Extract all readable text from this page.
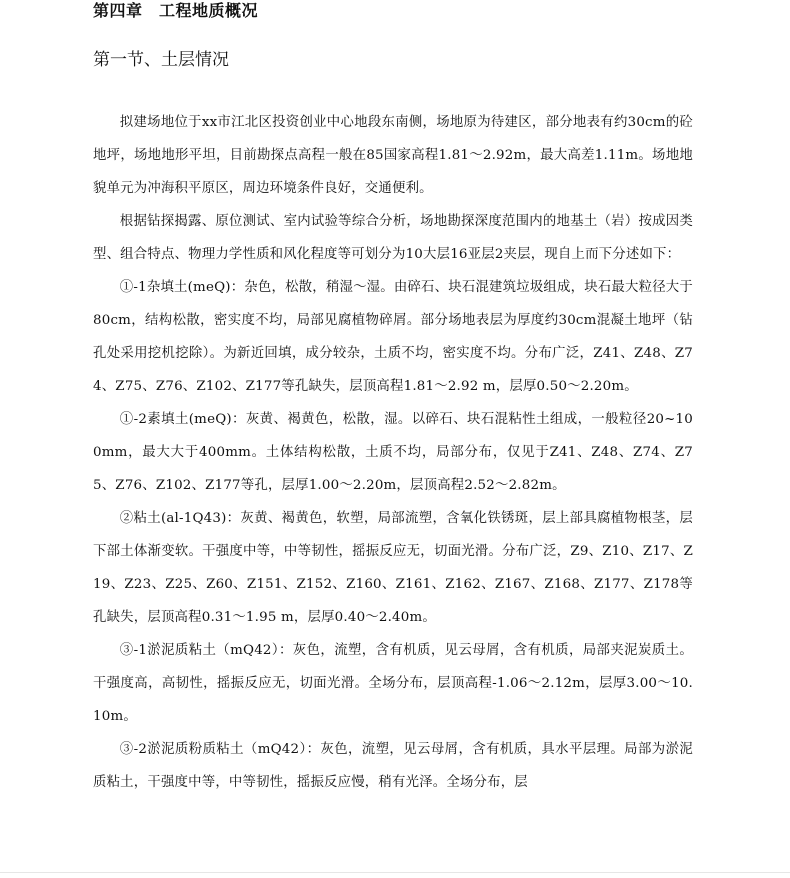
第四章　工程地质概况
第一节、土层情况

拟建场地位于xx市江北区投资创业中心地段东南侧，场地原为待建区，部分地表有约30cm的砼地坪，场地地形平坦，目前勘探点高程一般在85国家高程1.81～2.92m，最大高差1.11m。场地地貌单元为冲海积平原区，周边环境条件良好，交通便利。

根据钻探揭露、原位测试、室内试验等综合分析，场地勘探深度范围内的地基土（岩）按成因类型、组合特点、物理力学性质和风化程度等可划分为10大层16亚层2夹层，现自上而下分述如下：

①-1杂填土(meQ)：杂色，松散，稍湿～湿。由碎石、块石混建筑垃圾组成，块石最大粒径大于80cm，结构松散，密实度不均，局部见腐植物碎屑。部分场地表层为厚度约30cm混凝土地坪（钻孔处采用挖机挖除）。为新近回填，成分较杂，土质不均，密实度不均。分布广泛，Z41、Z48、Z74、Z75、Z76、Z102、Z177等孔缺失，层顶高程1.81～2.92 m，层厚0.50～2.20m。

①-2素填土(meQ)：灰黄、褐黄色，松散，湿。以碎石、块石混粘性土组成，一般粒径20~100mm，最大大于400mm。土体结构松散，土质不均，局部分布，仅见于Z41、Z48、Z74、Z75、Z76、Z102、Z177等孔，层厚1.00～2.20m，层顶高程2.52～2.82m。

②粘土(al-1Q43)：灰黄、褐黄色，软塑，局部流塑，含氧化铁锈斑，层上部具腐植物根茎，层下部土体渐变软。干强度中等，中等韧性，摇振反应无，切面光滑。分布广泛，Z9、Z10、Z17、Z19、Z23、Z25、Z60、Z151、Z152、Z160、Z161、Z162、Z167、Z168、Z177、Z178等孔缺失，层顶高程0.31～1.95 m，层厚0.40～2.40m。

③-1淤泥质粘土（mQ42）：灰色，流塑，含有机质，见云母屑，含有机质，局部夹泥炭质土。干强度高，高韧性，摇振反应无，切面光滑。全场分布，层顶高程-1.06～2.12m，层厚3.00～10.10m。

③-2淤泥质粉质粘土（mQ42）：灰色，流塑，见云母屑，含有机质，具水平层理。局部为淤泥质粘土，干强度中等，中等韧性，摇振反应慢，稍有光泽。全场分布，层
